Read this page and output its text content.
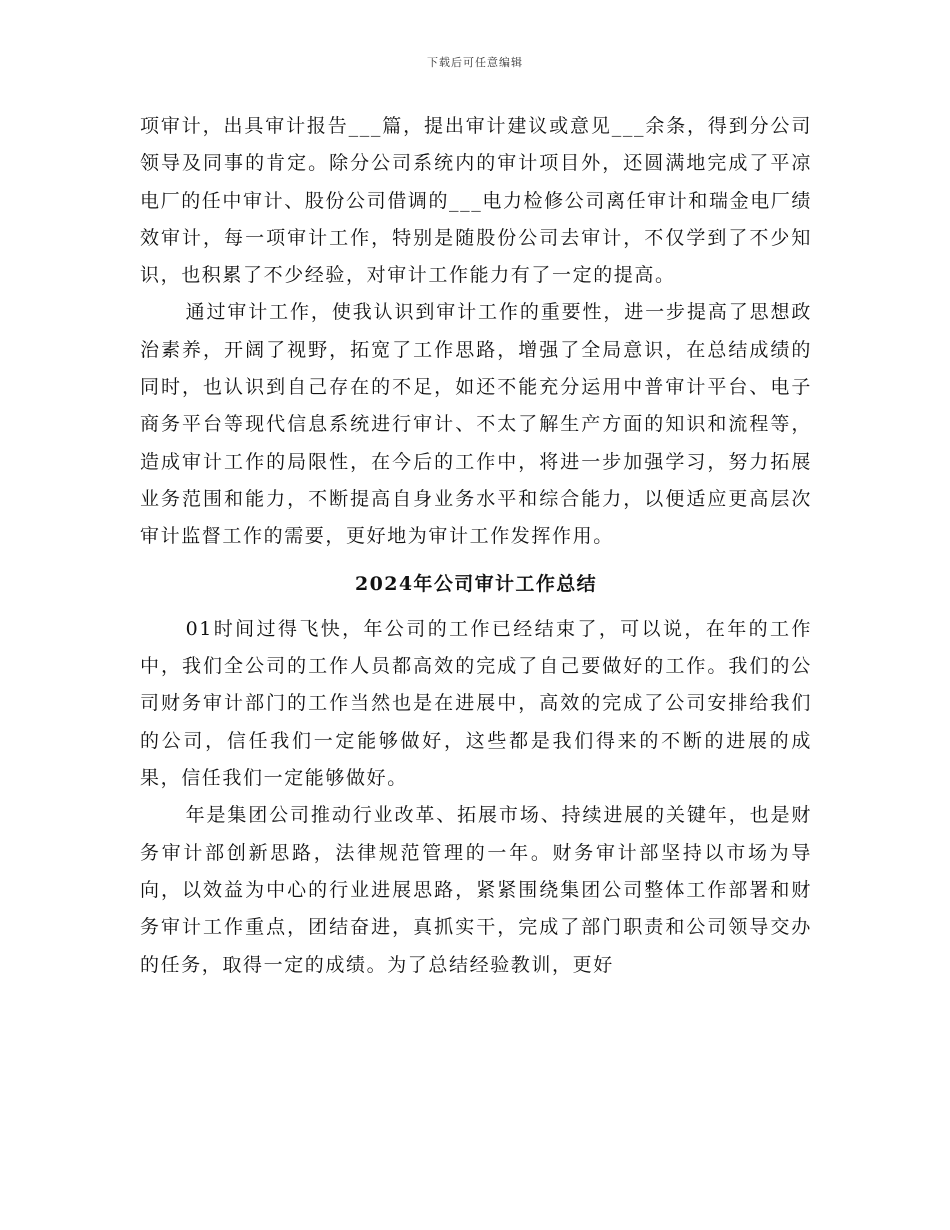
下载后可任意编辑

项审计，出具审计报告___篇，提出审计建议或意见___余条，得到分公司领导及同事的肯定。除分公司系统内的审计项目外，还圆满地完成了平凉电厂的任中审计、股份公司借调的___电力检修公司离任审计和瑞金电厂绩效审计，每一项审计工作，特别是随股份公司去审计，不仅学到了不少知识，也积累了不少经验，对审计工作能力有了一定的提高。

通过审计工作，使我认识到审计工作的重要性，进一步提高了思想政治素养，开阔了视野，拓宽了工作思路，增强了全局意识，在总结成绩的同时，也认识到自己存在的不足，如还不能充分运用中普审计平台、电子商务平台等现代信息系统进行审计、不太了解生产方面的知识和流程等，造成审计工作的局限性，在今后的工作中，将进一步加强学习，努力拓展业务范围和能力，不断提高自身业务水平和综合能力，以便适应更高层次审计监督工作的需要，更好地为审计工作发挥作用。

2024年公司审计工作总结

01时间过得飞快，年公司的工作已经结束了，可以说，在年的工作中，我们全公司的工作人员都高效的完成了自己要做好的工作。我们的公司财务审计部门的工作当然也是在进展中，高效的完成了公司安排给我们的公司，信任我们一定能够做好，这些都是我们得来的不断的进展的成果，信任我们一定能够做好。

年是集团公司推动行业改革、拓展市场、持续进展的关键年，也是财务审计部创新思路，法律规范管理的一年。财务审计部坚持以市场为导向，以效益为中心的行业进展思路，紧紧围绕集团公司整体工作部署和财务审计工作重点，团结奋进，真抓实干，完成了部门职责和公司领导交办的任务，取得一定的成绩。为了总结经验教训，更好
